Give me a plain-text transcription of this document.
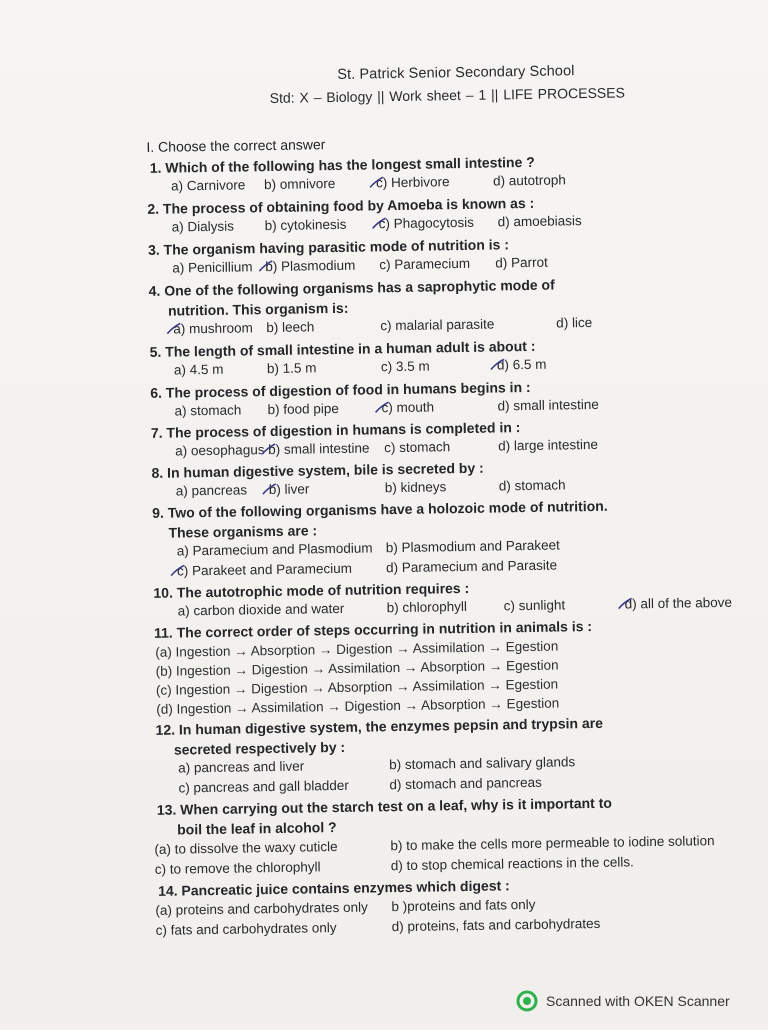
St. Patrick Senior Secondary School
Std: X – Biology || Work sheet – 1 || LIFE PROCESSES
I. Choose the correct answer
1. Which of the following has the longest small intestine ?
a) Carnivore b) omnivore	c) Herbivore	d) autotroph
2. The process of obtaining food by Amoeba is known as :
a) Dialysis b) cytokinesis c) Phagocytosis d) amoebiasis
3. The organism having parasitic mode of nutrition is :
a) Penicillium b) Plasmodium c) Paramecium d) Parrot
4. One of the following organisms has a saprophytic mode of
nutrition. This organism is:
a) mushroom b) leech	c) malarial parasite	d) lice
5. The length of small intestine in a human adult is about :
a) 4.5 m	b) 1.5 m	c) 3.5 m	d) 6.5 m
6. The process of digestion of food in humans begins in :
a) stomach b) food pipe	c) mouth	d) small intestine
7. The process of digestion in humans is completed in :
a) oesophagus b) small intestine c) stomach	d) large intestine
8. In human digestive system, bile is secreted by :
a) pancreas b) liver	b) kidneys	d) stomach
9. Two of the following organisms have a holozoic mode of nutrition.
These organisms are :
a) Paramecium and Plasmodium b) Plasmodium and Parakeet
c) Parakeet and Paramecium	d) Paramecium and Parasite
10. The autotrophic mode of nutrition requires :
a) carbon dioxide and water	b) chlorophyll	c) sunlight	d) all of the above
11. The correct order of steps occurring in nutrition in animals is :
(a) Ingestion → Absorption → Digestion → Assimilation → Egestion
(b) Ingestion → Digestion → Assimilation → Absorption → Egestion
(c) Ingestion → Digestion → Absorption → Assimilation → Egestion
(d) Ingestion → Assimilation → Digestion → Absorption → Egestion
12. In human digestive system, the enzymes pepsin and trypsin are
secreted respectively by :
a) pancreas and liver	b) stomach and salivary glands
c) pancreas and gall bladder	d) stomach and pancreas
13. When carrying out the starch test on a leaf, why is it important to
boil the leaf in alcohol ?
(a) to dissolve the waxy cuticle	b) to make the cells more permeable to iodine solution
c) to remove the chlorophyll	d) to stop chemical reactions in the cells.
14. Pancreatic juice contains enzymes which digest :
(a) proteins and carbohydrates only b )proteins and fats only
c) fats and carbohydrates only	d) proteins, fats and carbohydrates
Scanned with OKEN Scanner
